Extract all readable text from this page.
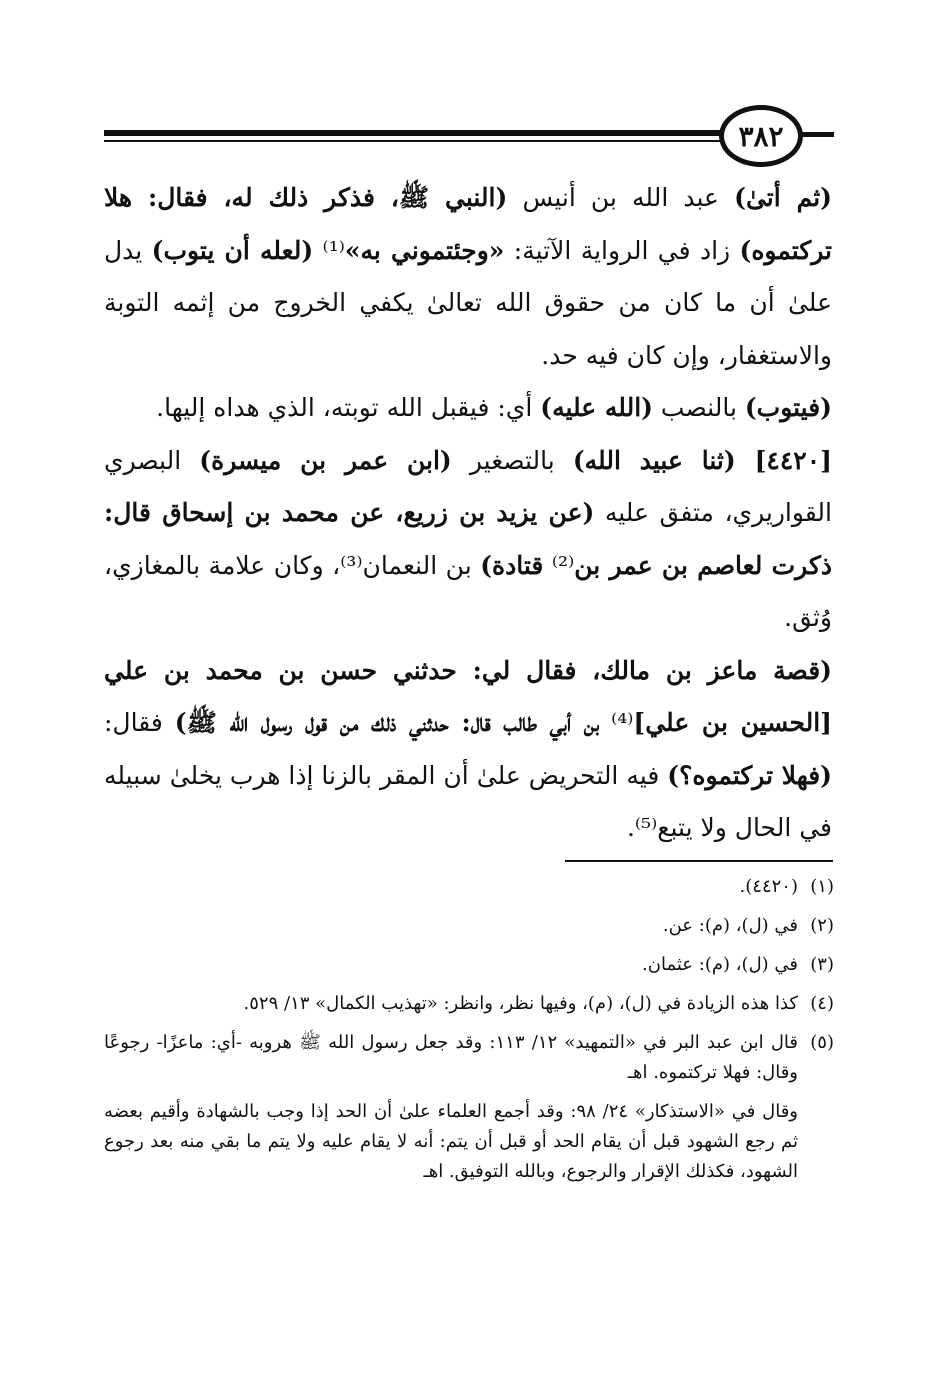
٣٨٢

(ثم أتىٰ) عبد الله بن أنيس (النبي ﷺ، فذكر ذلك له، فقال: هلا تركتموه) زاد في الرواية الآتية: «وجئتموني به»⁽¹⁾ (لعله أن يتوب) يدل علىٰ أن ما كان من حقوق الله تعالىٰ يكفي الخروج من إثمه التوبة والاستغفار، وإن كان فيه حد.

(فيتوب) بالنصب (الله عليه) أي: فيقبل الله توبته، الذي هداه إليها.

[٤٤٢٠] (ثنا عبيد الله) بالتصغير (ابن عمر بن ميسرة) البصري القواريري، متفق عليه (عن يزيد بن زريع، عن محمد بن إسحاق قال: ذكرت لعاصم بن عمر بن⁽²⁾ قتادة) بن النعمان⁽³⁾، وكان علامة بالمغازي، وُثق.

(قصة ماعز بن مالك، فقال لي: حدثني حسن بن محمد بن علي [الحسين بن علي]⁽⁴⁾ بن أبي طالب قال: حدثني ذلك من قول رسول الله ﷺ) فقال: (فهلا تركتموه؟) فيه التحريض علىٰ أن المقر بالزنا إذا هرب يخلىٰ سبيله في الحال ولا يتبع⁽⁵⁾.

(١)
(٤٤٢٠).
(٢)
في (ل)، (م): عن.
(٣)
في (ل)، (م): عثمان.
(٤)
كذا هذه الزيادة في (ل)، (م)، وفيها نظر، وانظر: «تهذيب الكمال» ١٣/ ٥٢٩.
(٥)
قال ابن عبد البر في «التمهيد» ١٢/ ١١٣: وقد جعل رسول الله ﷺ هروبه -أي: ماعزًا- رجوعًا وقال: فهلا تركتموه. اهـ
وقال في «الاستذكار» ٢٤/ ٩٨: وقد أجمع العلماء علىٰ أن الحد إذا وجب بالشهادة وأقيم بعضه ثم رجع الشهود قبل أن يقام الحد أو قبل أن يتم: أنه لا يقام عليه ولا يتم ما بقي منه بعد رجوع الشهود، فكذلك الإقرار والرجوع، وبالله التوفيق. اهـ
